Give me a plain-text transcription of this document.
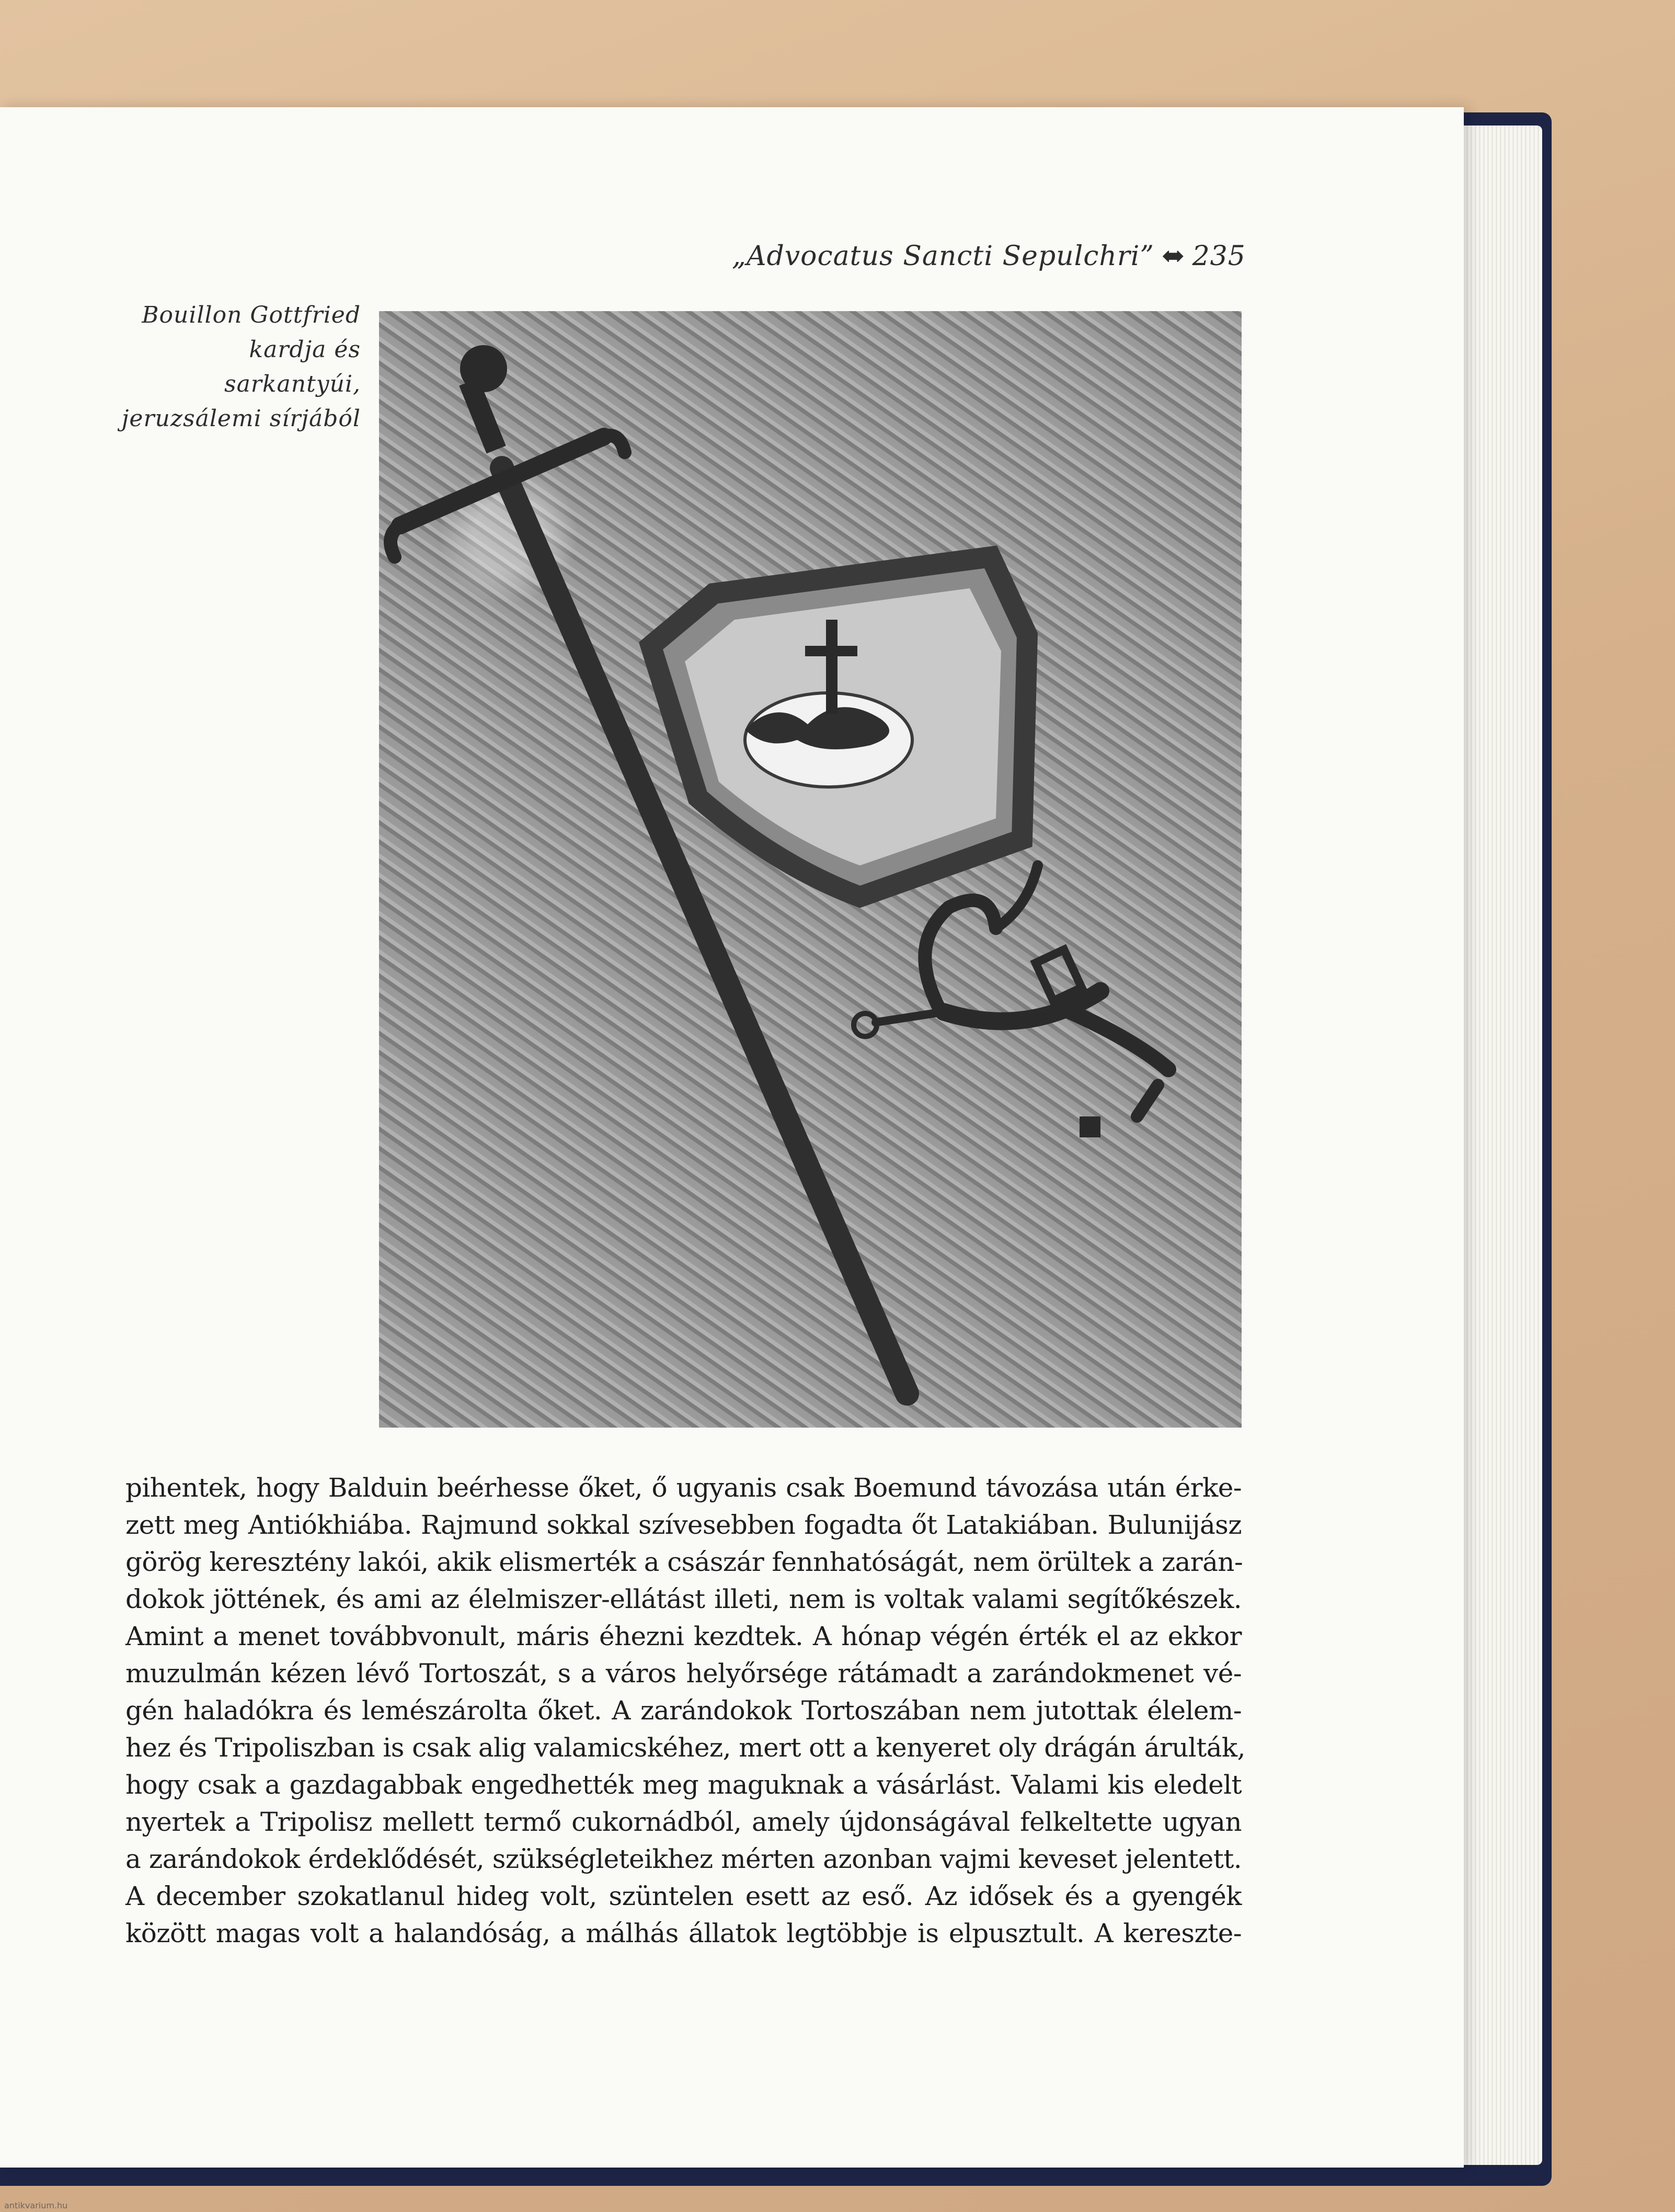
„Advocatus Sancti Sepulchri” ⬌ 235
Bouillon Gottfried
kardja és
sarkantyúi,
jeruzsálemi sírjából
pihentek, hogy Balduin beérhesse őket, ő ugyanis csak Boemund távozása után érke-
zett meg Antiókhiába. Rajmund sokkal szívesebben fogadta őt Latakiában. Bulunijász
görög keresztény lakói, akik elismerték a császár fennhatóságát, nem örültek a zarán-
dokok jöttének, és ami az élelmiszer-ellátást illeti, nem is voltak valami segítőkészek.
Amint a menet továbbvonult, máris éhezni kezdtek. A hónap végén érték el az ekkor
muzulmán kézen lévő Tortoszát, s a város helyőrsége rátámadt a zarándokmenet vé-
gén haladókra és lemészárolta őket. A zarándokok Tortoszában nem jutottak élelem-
hez és Tripoliszban is csak alig valamicskéhez, mert ott a kenyeret oly drágán árulták,
hogy csak a gazdagabbak engedhették meg maguknak a vásárlást. Valami kis eledelt
nyertek a Tripolisz mellett termő cukornádból, amely újdonságával felkeltette ugyan
a zarándokok érdeklődését, szükségleteikhez mérten azonban vajmi keveset jelentett.
A december szokatlanul hideg volt, szüntelen esett az eső. Az idősek és a gyengék
között magas volt a halandóság, a málhás állatok legtöbbje is elpusztult. A kereszte-
antikvarium.hu
